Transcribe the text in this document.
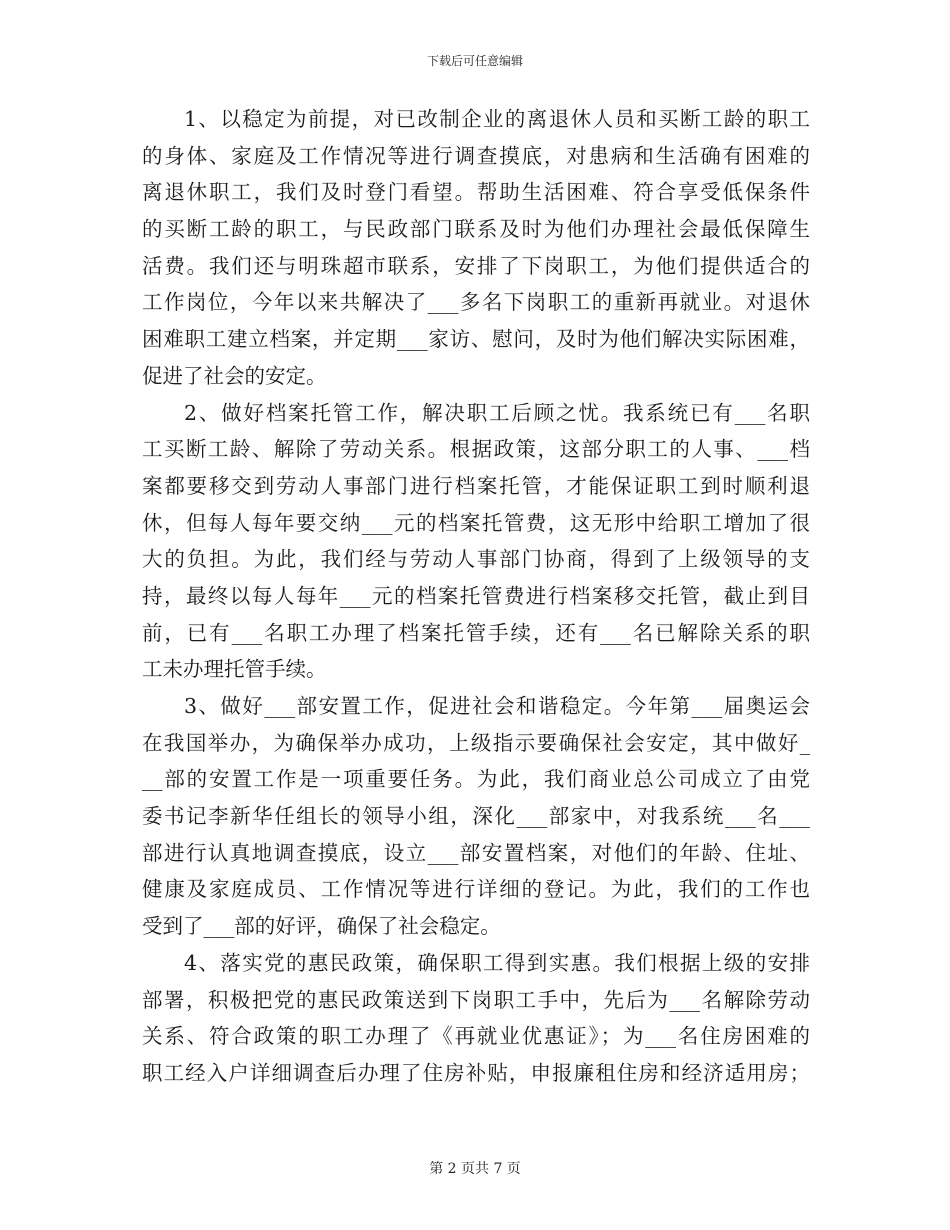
下载后可任意编辑
1、以稳定为前提，对已改制企业的离退休人员和买断工龄的职工
的身体、家庭及工作情况等进行调查摸底，对患病和生活确有困难的
离退休职工，我们及时登门看望。帮助生活困难、符合享受低保条件
的买断工龄的职工，与民政部门联系及时为他们办理社会最低保障生
活费。我们还与明珠超市联系，安排了下岗职工，为他们提供适合的
工作岗位，今年以来共解决了___多名下岗职工的重新再就业。对退休
困难职工建立档案，并定期___家访、慰问，及时为他们解决实际困难，
促进了社会的安定。
2、做好档案托管工作，解决职工后顾之忧。我系统已有___名职
工买断工龄、解除了劳动关系。根据政策，这部分职工的人事、___档
案都要移交到劳动人事部门进行档案托管，才能保证职工到时顺利退
休，但每人每年要交纳___元的档案托管费，这无形中给职工增加了很
大的负担。为此，我们经与劳动人事部门协商，得到了上级领导的支
持，最终以每人每年___元的档案托管费进行档案移交托管，截止到目
前，已有___名职工办理了档案托管手续，还有___名已解除关系的职
工未办理托管手续。
3、做好___部安置工作，促进社会和谐稳定。今年第___届奥运会
在我国举办，为确保举办成功，上级指示要确保社会安定，其中做好_
__部的安置工作是一项重要任务。为此，我们商业总公司成立了由党
委书记李新华任组长的领导小组，深化___部家中，对我系统___名___
部进行认真地调查摸底，设立___部安置档案，对他们的年龄、住址、
健康及家庭成员、工作情况等进行详细的登记。为此，我们的工作也
受到了___部的好评，确保了社会稳定。
4、落实党的惠民政策，确保职工得到实惠。我们根据上级的安排
部署，积极把党的惠民政策送到下岗职工手中，先后为___名解除劳动
关系、符合政策的职工办理了《再就业优惠证》；为___名住房困难的
职工经入户详细调查后办理了住房补贴，申报廉租住房和经济适用房；
第 2 页共 7 页
